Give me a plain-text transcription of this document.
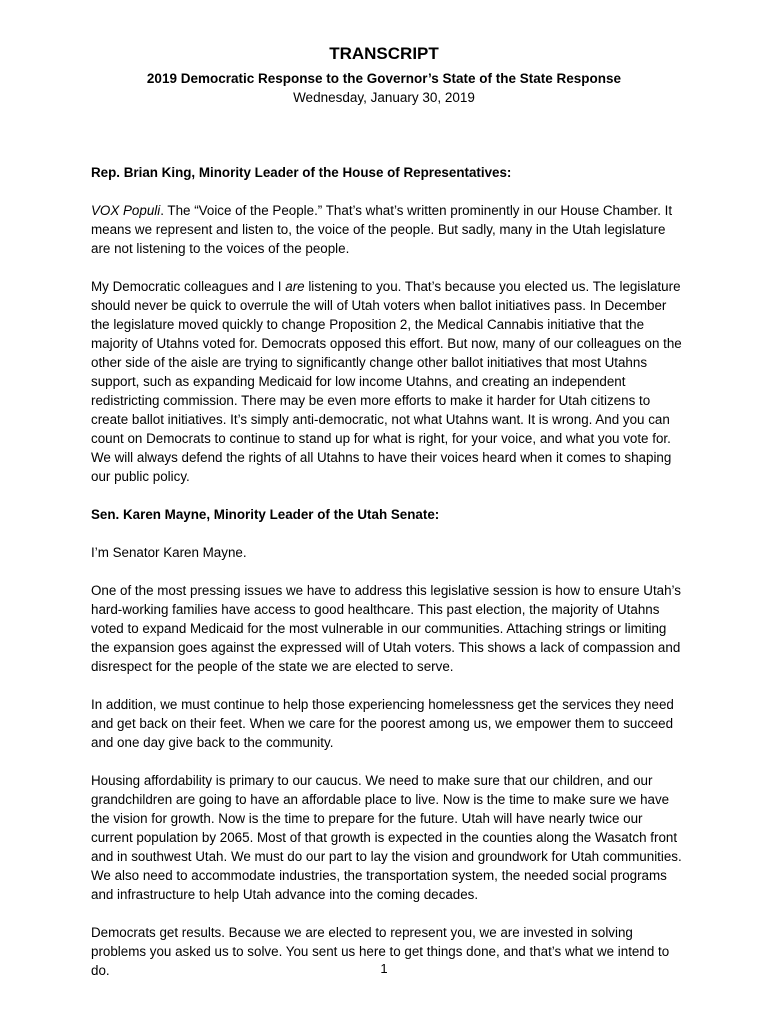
TRANSCRIPT
2019 Democratic Response to the Governor’s State of the State Response
Wednesday, January 30, 2019

Rep. Brian King, Minority Leader of the House of Representatives:

VOX Populi. The “Voice of the People.” That’s what’s written prominently in our House Chamber. It means we represent and listen to, the voice of the people. But sadly, many in the Utah legislature are not listening to the voices of the people.

My Democratic colleagues and I are listening to you. That’s because you elected us. The legislature should never be quick to overrule the will of Utah voters when ballot initiatives pass. In December the legislature moved quickly to change Proposition 2, the Medical Cannabis initiative that the majority of Utahns voted for. Democrats opposed this effort. But now, many of our colleagues on the other side of the aisle are trying to significantly change other ballot initiatives that most Utahns support, such as expanding Medicaid for low income Utahns, and creating an independent redistricting commission. There may be even more efforts to make it harder for Utah citizens to create ballot initiatives. It’s simply anti-democratic, not what Utahns want. It is wrong. And you can count on Democrats to continue to stand up for what is right, for your voice, and what you vote for. We will always defend the rights of all Utahns to have their voices heard when it comes to shaping our public policy.

Sen. Karen Mayne, Minority Leader of the Utah Senate:

I’m Senator Karen Mayne.

One of the most pressing issues we have to address this legislative session is how to ensure Utah’s hard-working families have access to good healthcare. This past election, the majority of Utahns voted to expand Medicaid for the most vulnerable in our communities. Attaching strings or limiting the expansion goes against the expressed will of Utah voters. This shows a lack of compassion and disrespect for the people of the state we are elected to serve.

In addition, we must continue to help those experiencing homelessness get the services they need and get back on their feet. When we care for the poorest among us, we empower them to succeed and one day give back to the community.

Housing affordability is primary to our caucus. We need to make sure that our children, and our grandchildren are going to have an affordable place to live. Now is the time to make sure we have the vision for growth. Now is the time to prepare for the future. Utah will have nearly twice our current population by 2065. Most of that growth is expected in the counties along the Wasatch front and in southwest Utah. We must do our part to lay the vision and groundwork for Utah communities. We also need to accommodate industries, the transportation system, the needed social programs and infrastructure to help Utah advance into the coming decades.

Democrats get results. Because we are elected to represent you, we are invested in solving problems you asked us to solve. You sent us here to get things done, and that’s what we intend to do.	1
